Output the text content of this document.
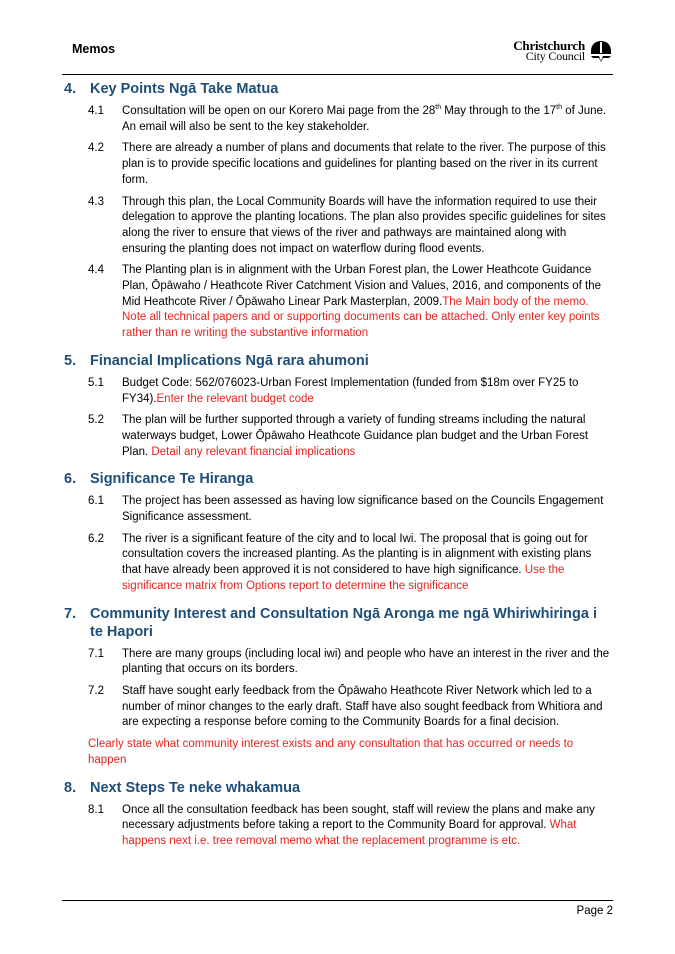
Memos	Christchurch
City Council
4. Key Points Ngā Take Matua
4.1	Consultation will be open on our Korero Mai page from the 28th May through to the 17th of June. An email will also be sent to the key stakeholder.
4.2	There are already a number of plans and documents that relate to the river. The purpose of this plan is to provide specific locations and guidelines for planting based on the river in its current form.
4.3	Through this plan, the Local Community Boards will have the information required to use their delegation to approve the planting locations. The plan also provides specific guidelines for sites along the river to ensure that views of the river and pathways are maintained along with ensuring the planting does not impact on waterflow during flood events.
4.4	The Planting plan is in alignment with the Urban Forest plan, the Lower Heathcote Guidance Plan, Ōpāwaho / Heathcote River Catchment Vision and Values, 2016, and components of the Mid Heathcote River / Ōpāwaho Linear Park Masterplan, 2009.The Main body of the memo. Note all technical papers and or supporting documents can be attached. Only enter key points rather than re writing the substantive information
5. Financial Implications Ngā rara ahumoni
5.1	Budget Code: 562/076023-Urban Forest Implementation (funded from $18m over FY25 to FY34).Enter the relevant budget code
5.2	The plan will be further supported through a variety of funding streams including the natural waterways budget, Lower Ōpāwaho Heathcote Guidance plan budget and the Urban Forest Plan. Detail any relevant financial implications
6. Significance Te Hiranga
6.1	The project has been assessed as having low significance based on the Councils Engagement Significance assessment.
6.2	The river is a significant feature of the city and to local Iwi. The proposal that is going out for consultation covers the increased planting. As the planting is in alignment with existing plans that have already been approved it is not considered to have high significance. Use the significance matrix from Options report to determine the significance
7. Community Interest and Consultation Ngā Aronga me ngā Whiriwhiringa i te Hapori
7.1	There are many groups (including local iwi) and people who have an interest in the river and the planting that occurs on its borders.
7.2	Staff have sought early feedback from the Ōpāwaho Heathcote River Network which led to a number of minor changes to the early draft. Staff have also sought feedback from Whitiora and are expecting a response before coming to the Community Boards for a final decision.
Clearly state what community interest exists and any consultation that has occurred or needs to happen
8. Next Steps Te neke whakamua
8.1	Once all the consultation feedback has been sought, staff will review the plans and make any necessary adjustments before taking a report to the Community Board for approval. What happens next i.e. tree removal memo what the replacement programme is etc.
Page 2
